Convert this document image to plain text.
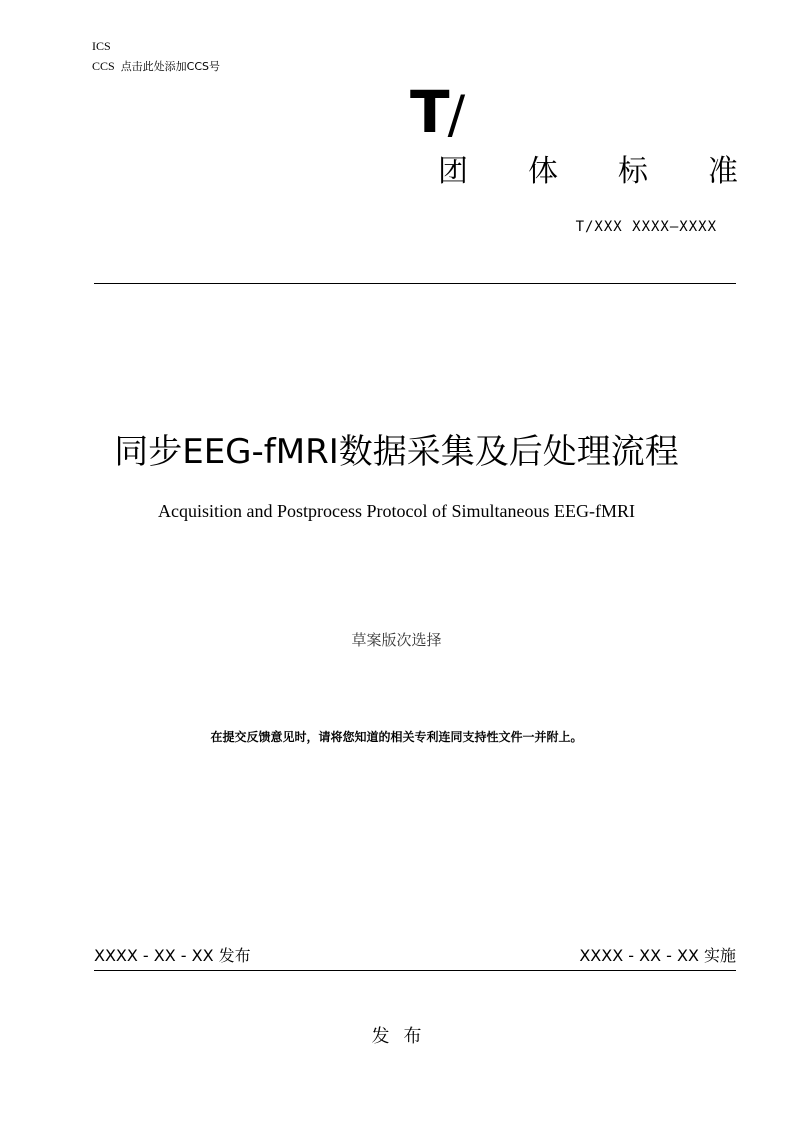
ICS
CCS 点击此处添加CCS号
T/
团 体 标 准
T/XXX XXXX—XXXX
同步EEG-fMRI数据采集及后处理流程
Acquisition and Postprocess Protocol of Simultaneous EEG-fMRI
草案版次选择
在提交反馈意见时，请将您知道的相关专利连同支持性文件一并附上。
XXXX - XX - XX 发布	XXXX - XX - XX 实施
发布
